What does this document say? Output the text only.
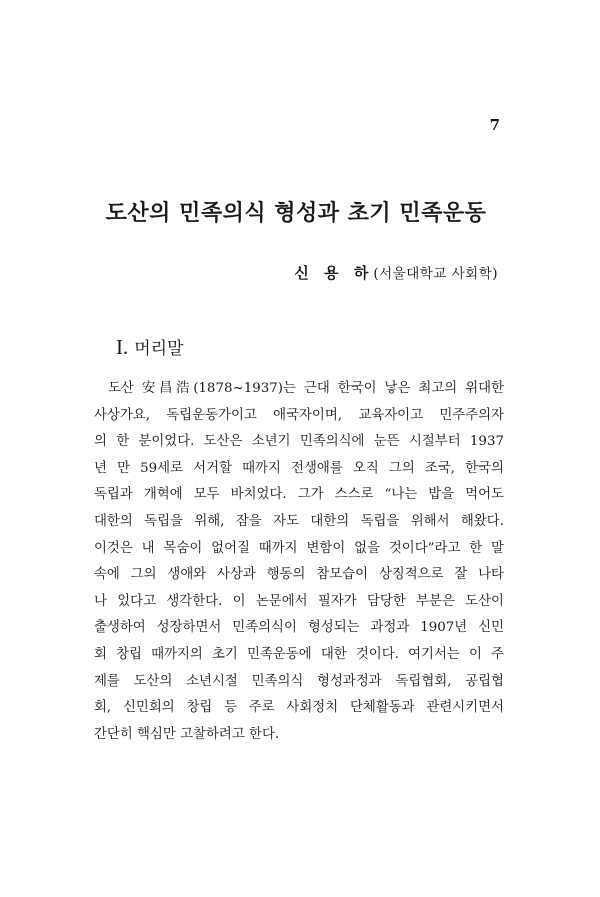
7
도산의 민족의식 형성과 초기 민족운동
신 용 하(서울대학교 사회학)
I. 머리말
도산 安昌浩(1878~1937)는 근대 한국이 낳은 최고의 위대한
사상가요, 독립운동가이고 애국자이며, 교육자이고 민주주의자
의 한 분이었다. 도산은 소년기 민족의식에 눈뜬 시절부터 1937
년 만 59세로 서거할 때까지 전생애를 오직 그의 조국, 한국의
독립과 개혁에 모두 바치었다. 그가 스스로 “나는 밥을 먹어도
대한의 독립을 위해, 잠을 자도 대한의 독립을 위해서 해왔다.
이것은 내 목숨이 없어질 때까지 변함이 없을 것이다”라고 한 말
속에 그의 생애와 사상과 행동의 참모습이 상징적으로 잘 나타
나 있다고 생각한다. 이 논문에서 필자가 담당한 부분은 도산이
출생하여 성장하면서 민족의식이 형성되는 과정과 1907년 신민
회 창립 때까지의 초기 민족운동에 대한 것이다. 여기서는 이 주
제를 도산의 소년시절 민족의식 형성과정과 독립협회, 공립협
회, 신민회의 창립 등 주로 사회정치 단체활동과 관련시키면서
간단히 핵심만 고찰하려고 한다.
